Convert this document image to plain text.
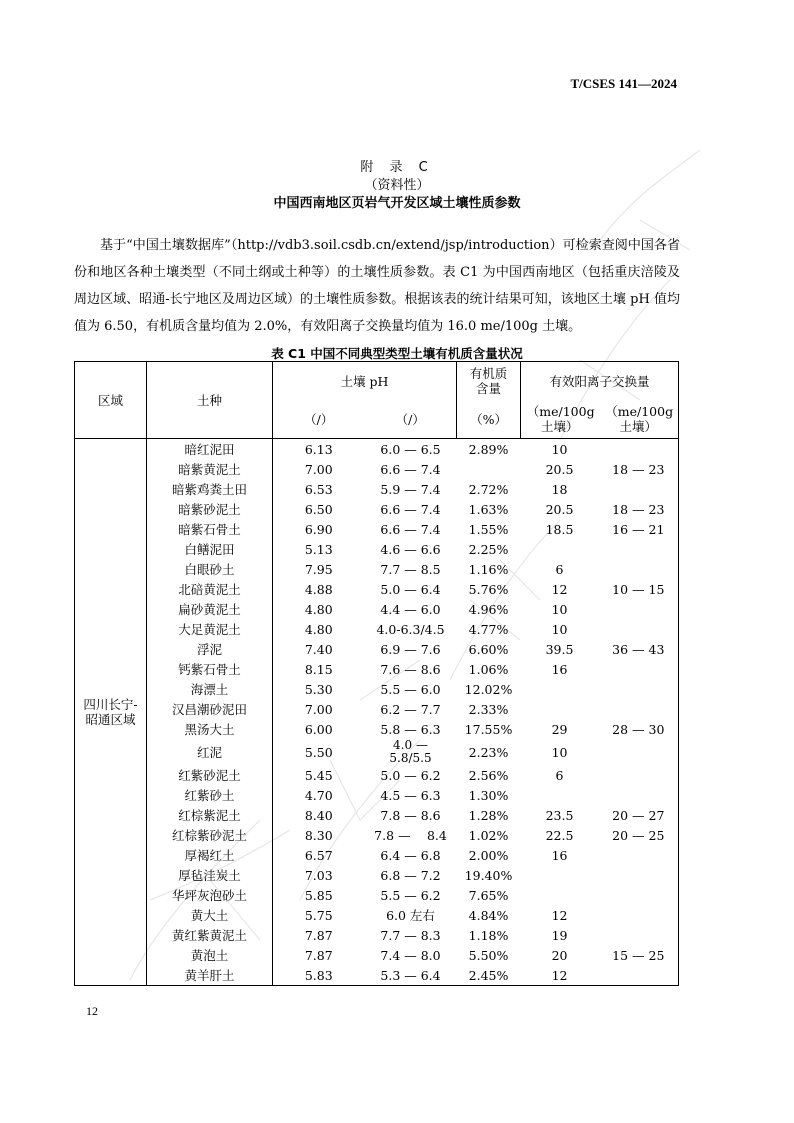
T/CSES 141—2024
附 录 C
（资料性）
中国西南地区页岩气开发区域土壤性质参数

基于“中国土壤数据库”（http://vdb3.soil.csdb.cn/extend/jsp/introduction）可检索查阅中国各省份和地区各种土壤类型（不同土纲或土种等）的土壤性质参数。表 C1 为中国西南地区（包括重庆涪陵及周边区域、昭通-长宁地区及周边区域）的土壤性质参数。根据该表的统计结果可知，该地区土壤 pH 值均值为 6.50，有机质含量均值为 2.0%，有效阳离子交换量均值为 16.0 me/100g 土壤。

表 C1 中国不同典型类型土壤有机质含量状况
区域	土种	土壤 pH		有机质含量	有效阳离子交换量	
		（/）	（/）	（%）	（me/100g 土壤）	（me/100g 土壤）
四川长宁-昭通区域	暗红泥田	6.13	6.0 — 6.5	2.89%	10	
	暗紫黄泥土	7.00	6.6 — 7.4		20.5	18 — 23
	暗紫鸡粪土田	6.53	5.9 — 7.4	2.72%	18	
	暗紫砂泥土	6.50	6.6 — 7.4	1.63%	20.5	18 — 23
	暗紫石骨土	6.90	6.6 — 7.4	1.55%	18.5	16 — 21
	白鳝泥田	5.13	4.6 — 6.6	2.25%		
	白眼砂土	7.95	7.7 — 8.5	1.16%	6	
	北碚黄泥土	4.88	5.0 — 6.4	5.76%	12	10 — 15
	扁砂黄泥土	4.80	4.4 — 6.0	4.96%	10	
	大足黄泥土	4.80	4.0-6.3/4.5	4.77%	10	
	浮泥	7.40	6.9 — 7.6	6.60%	39.5	36 — 43
	钙紫石骨土	8.15	7.6 — 8.6	1.06%	16	
	海漂土	5.30	5.5 — 6.0	12.02%		
	汉昌潮砂泥田	7.00	6.2 — 7.7	2.33%		
	黑汤大土	6.00	5.8 — 6.3	17.55%	29	28 — 30
	红泥	5.50	4.0 — 5.8/5.5	2.23%	10	
	红紫砂泥土	5.45	5.0 — 6.2	2.56%	6	
	红紫砂土	4.70	4.5 — 6.3	1.30%		
	红棕紫泥土	8.40	7.8 — 8.6	1.28%	23.5	20 — 27
	红棕紫砂泥土	8.30	7.8 —　 8.4	1.02%	22.5	20 — 25
	厚褐红土	6.57	6.4 — 6.8	2.00%	16	
	厚毡洼炭土	7.03	6.8 — 7.2	19.40%		
	华坪灰泡砂土	5.85	5.5 — 6.2	7.65%		
	黄大土	5.75	6.0 左右	4.84%	12	
	黄红紫黄泥土	7.87	7.7 — 8.3	1.18%	19	
	黄泡土	7.87	7.4 — 8.0	5.50%	20	15 — 25
	黄羊肝土	5.83	5.3 — 6.4	2.45%	12	
12
